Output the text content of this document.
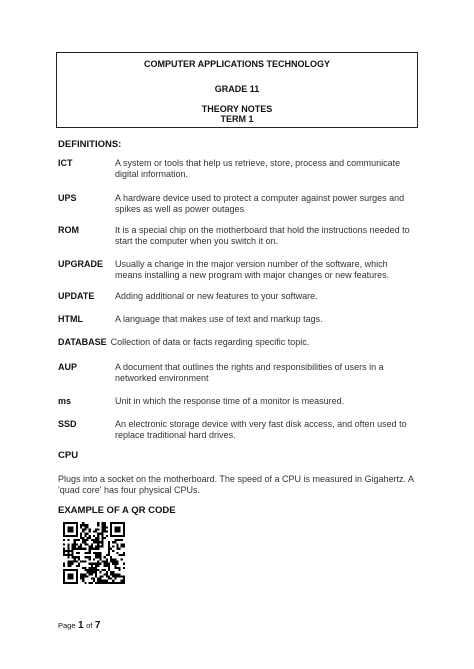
COMPUTER APPLICATIONS TECHNOLOGY
GRADE 11
THEORY NOTES
TERM 1
DEFINITIONS:
ICT	A system or tools that help us retrieve, store, process and communicate digital information.
UPS	A hardware device used to protect a computer against power surges and spikes as well as power outages
ROM	It is a special chip on the motherboard that hold the instructions needed to start the computer when you switch it on.
UPGRADE Usually a change in the major version number of the software, which means installing a new program with major changes or new features.
UPDATE Adding additional or new features to your software.
HTML	A language that makes use of text and markup tags.
DATABASE Collection of data or facts regarding specific topic.
AUP	A document that outlines the rights and responsibilities of users in a networked environment
ms	Unit in which the response time of a monitor is measured.
SSD	An electronic storage device with very fast disk access, and often used to replace traditional hard drives.
CPU
Plugs into a socket on the motherboard. The speed of a CPU is measured in Gigahertz. A 'quad core' has four physical CPUs.
EXAMPLE OF A QR CODE
Page 1 of 7
